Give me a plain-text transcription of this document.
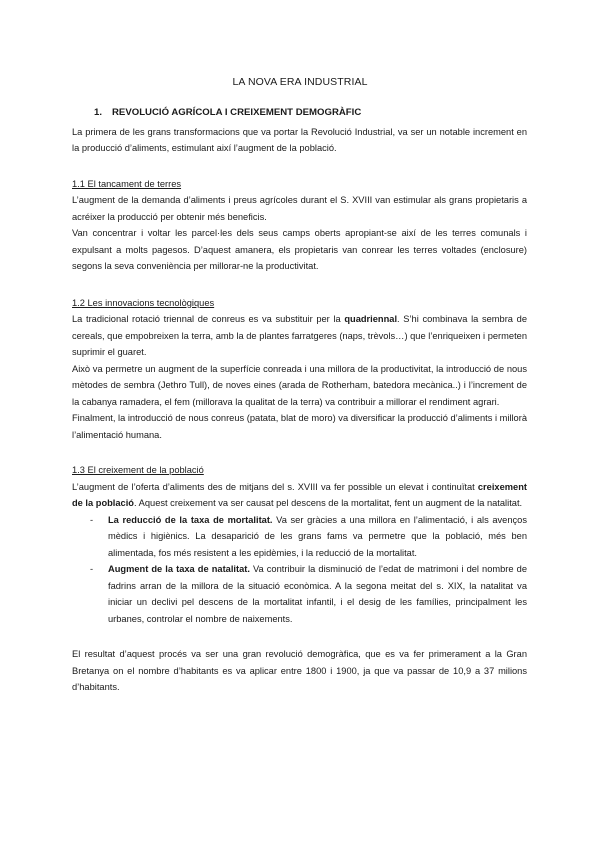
LA NOVA ERA INDUSTRIAL
1. REVOLUCIÓ AGRÍCOLA I CREIXEMENT DEMOGRÀFIC

La primera de les grans transformacions que va portar la Revolució Industrial, va ser un notable increment en la producció d’aliments, estimulant així l’augment de la població.

1.1 El tancament de terres

L’augment de la demanda d’aliments i preus agrícoles durant el S. XVIII van estimular als grans propietaris a acréixer la producció per obtenir més beneficis.

Van concentrar i voltar les parcel·les dels seus camps oberts apropiant-se així de les terres comunals i expulsant a molts pagesos. D’aquest amanera, els propietaris van conrear les terres voltades (enclosure) segons la seva conveniència per millorar-ne la productivitat.

1.2 Les innovacions tecnològiques

La tradicional rotació triennal de conreus es va substituir per la quadriennal. S’hi combinava la sembra de cereals, que empobreixen la terra, amb la de plantes farratgeres (naps, trèvols…) que l’enriqueixen i permeten suprimir el guaret.

Això va permetre un augment de la superfície conreada i una millora de la productivitat, la introducció de nous mètodes de sembra (Jethro Tull), de noves eines (arada de Rotherham, batedora mecànica..) i l’increment de la cabanya ramadera, el fem (millorava la qualitat de la terra) va contribuir a millorar el rendiment agrari.

Finalment, la introducció de nous conreus (patata, blat de moro) va diversificar la producció d’aliments i millorà l’alimentació humana.

1.3 El creixement de la població

L’augment de l’oferta d’aliments des de mitjans del s. XVIII va fer possible un elevat i continuïtat creixement de la població. Aquest creixement va ser causat pel descens de la mortalitat, fent un augment de la natalitat.

- La reducció de la taxa de mortalitat. Va ser gràcies a una millora en l’alimentació, i als avenços mèdics i higiènics. La desaparició de les grans fams va permetre que la població, més ben alimentada, fos més resistent a les epidèmies, i la reducció de la mortalitat.
- Augment de la taxa de natalitat. Va contribuir la disminució de l’edat de matrimoni i del nombre de fadrins arran de la millora de la situació econòmica. A la segona meitat del s. XIX, la natalitat va iniciar un declivi pel descens de la mortalitat infantil, i el desig de les famílies, principalment les urbanes, controlar el nombre de naixements.

El resultat d’aquest procés va ser una gran revolució demogràfica, que es va fer primerament a la Gran Bretanya on el nombre d’habitants es va aplicar entre 1800 i 1900, ja que va passar de 10,9 a 37 milions d’habitants.
